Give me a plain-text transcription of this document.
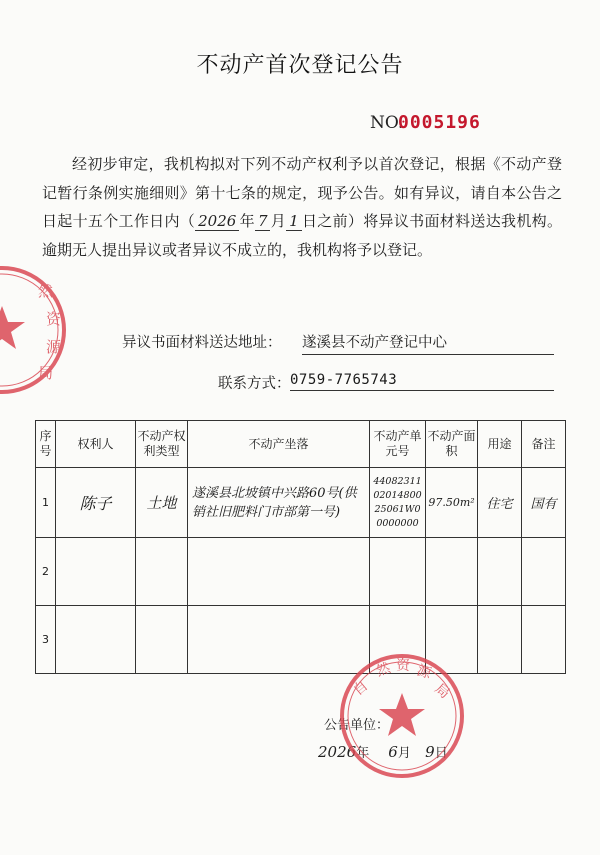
不动产首次登记公告
NO.
0005196
经初步审定，我机构拟对下列不动产权利予以首次登记，根据《不动产登记暂行条例实施细则》第十七条的规定，现予公告。如有异议，请自本公告之日起十五个工作日内（ 2026 年 7 月 1 日之前）将异议书面材料送达我机构。逾期无人提出异议或者异议不成立的，我机构将予以登记。
异议书面材料送达地址： 遂溪县不动产登记中心
联系方式： 0759-7765743
序号	权利人	不动产权利类型	不动产坐落	不动产单元号	不动产面积	用途	备注
1	陈子	土地	遂溪县北坡镇中兴路60号(供销社旧肥料门市部第一号)	440823110201480025061W00000000	97.50m²	住宅	国有
2							
3							
公告单位：
2026年 6月 9日
然
资
源
局
自
然 资 源
局
